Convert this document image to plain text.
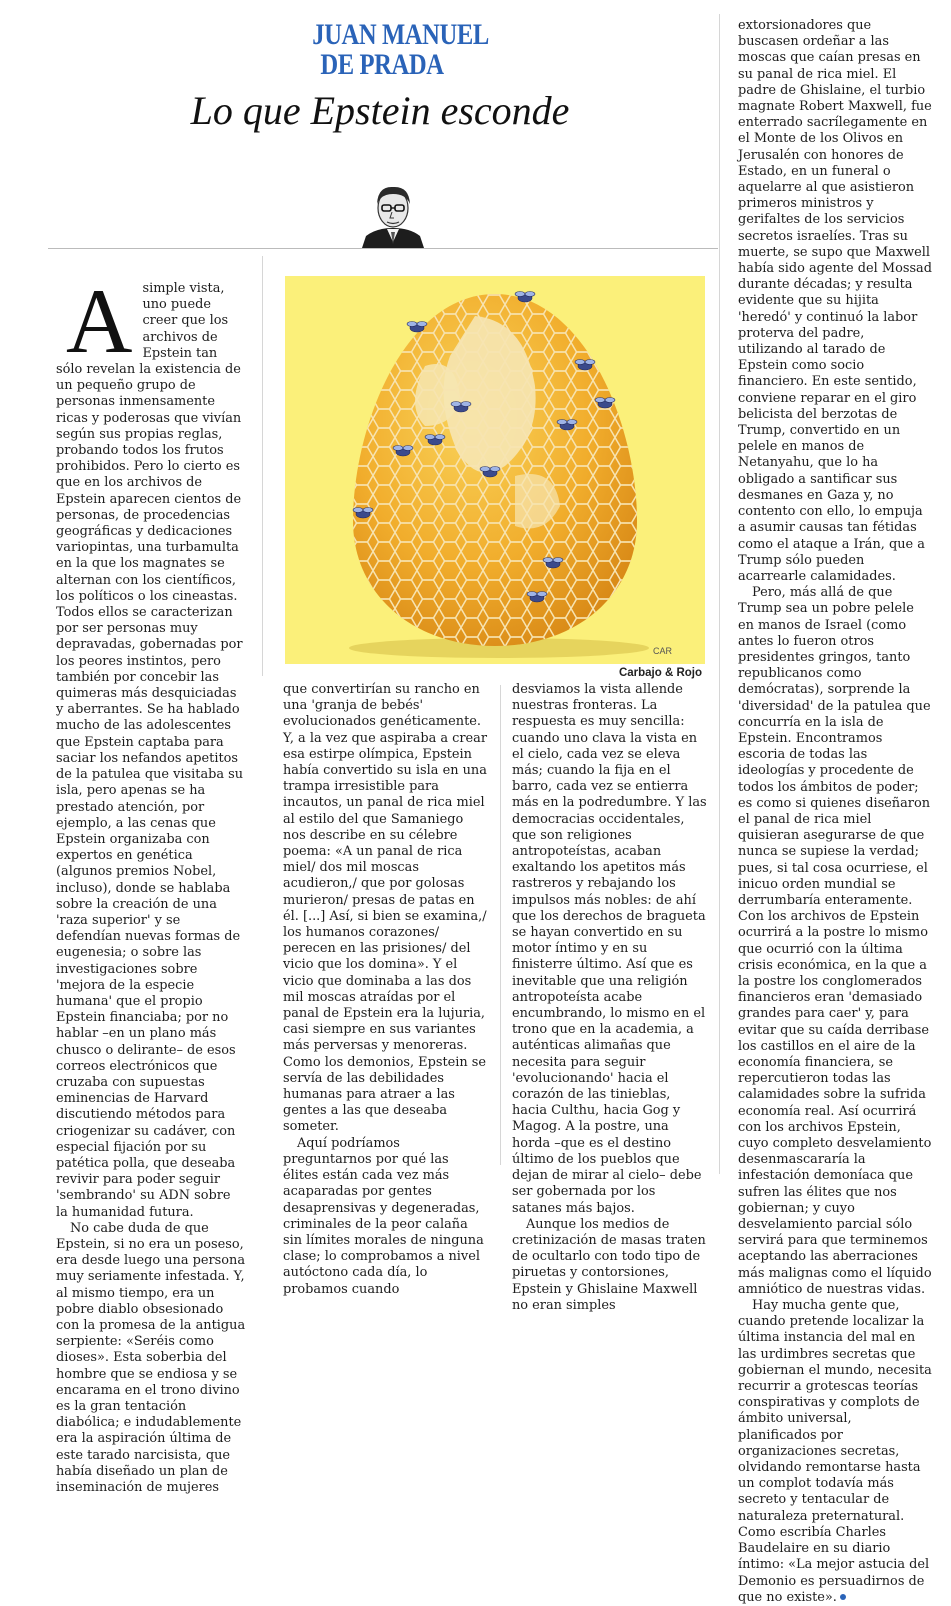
JUAN MANUEL
DE PRADA
Lo que Epstein esconde
CAR
Carbajo & Rojo

A simple vista, uno puede creer que los archivos de Epstein tan sólo revelan la existencia de un pequeño grupo de personas inmensamente ricas y poderosas que vivían según sus propias reglas, probando todos los frutos prohibidos. Pero lo cierto es que en los archivos de Epstein aparecen cientos de personas, de procedencias geográficas y dedicaciones variopintas, una turbamulta en la que los magnates se alternan con los científicos, los políticos o los cineastas. Todos ellos se caracterizan por ser personas muy depravadas, gobernadas por los peores instintos, pero también por concebir las quimeras más desquiciadas y aberrantes. Se ha hablado mucho de las adolescentes que Epstein captaba para saciar los nefandos apetitos de la patulea que visitaba su isla, pero apenas se ha prestado atención, por ejemplo, a las cenas que Epstein organizaba con expertos en genética (algunos premios Nobel, incluso), donde se hablaba sobre la creación de una 'raza superior' y se defendían nuevas formas de eugenesia; o sobre las investigaciones sobre 'mejora de la especie humana' que el propio Epstein financiaba; por no hablar –en un plano más chusco o delirante– de esos correos electrónicos que cruzaba con supuestas eminencias de Harvard discutiendo métodos para criogenizar su cadáver, con especial fijación por su patética polla, que deseaba revivir para poder seguir 'sembrando' su ADN sobre la humanidad futura.

No cabe duda de que Epstein, si no era un poseso, era desde luego una persona muy seriamente infestada. Y, al mismo tiempo, era un pobre diablo obsesionado con la promesa de la antigua serpiente: «Seréis como dioses». Esta soberbia del hombre que se endiosa y se encarama en el trono divino es la gran tentación diabólica; e indudablemente era la aspiración última de este tarado narcisista, que había diseñado un plan de inseminación de mujeres

que convertirían su rancho en una 'granja de bebés' evolucionados genéticamente. Y, a la vez que aspiraba a crear esa estirpe olímpica, Epstein había convertido su isla en una trampa irresistible para incautos, un panal de rica miel al estilo del que Samaniego nos describe en su célebre poema: «A un panal de rica miel/ dos mil moscas acudieron,/ que por golosas murieron/ presas de patas en él. [...] Así, si bien se examina,/ los humanos corazones/ perecen en las prisiones/ del vicio que los domina». Y el vicio que dominaba a las dos mil moscas atraídas por el panal de Epstein era la lujuria, casi siempre en sus variantes más perversas y menoreras. Como los demonios, Epstein se servía de las debilidades humanas para atraer a las gentes a las que deseaba someter.

Aquí podríamos preguntarnos por qué las élites están cada vez más acaparadas por gentes desaprensivas y degeneradas, criminales de la peor calaña sin límites morales de ninguna clase; lo comprobamos a nivel autóctono cada día, lo probamos cuando

desviamos la vista allende nuestras fronteras. La respuesta es muy sencilla: cuando uno clava la vista en el cielo, cada vez se eleva más; cuando la fija en el barro, cada vez se entierra más en la podredumbre. Y las democracias occidentales, que son religiones antropoteístas, acaban exaltando los apetitos más rastreros y rebajando los impulsos más nobles: de ahí que los derechos de bragueta se hayan convertido en su motor íntimo y en su finisterre último. Así que es inevitable que una religión antropoteísta acabe encumbrando, lo mismo en el trono que en la academia, a auténticas alimañas que necesita para seguir 'evolucionando' hacia el corazón de las tinieblas, hacia Culthu, hacia Gog y Magog. A la postre, una horda –que es el destino último de los pueblos que dejan de mirar al cielo– debe ser gobernada por los satanes más bajos.

Aunque los medios de cretinización de masas traten de ocultarlo con todo tipo de piruetas y contorsiones, Epstein y Ghislaine Maxwell no eran simples

extorsionadores que buscasen ordeñar a las moscas que caían presas en su panal de rica miel. El padre de Ghislaine, el turbio magnate Robert Maxwell, fue enterrado sacrílegamente en el Monte de los Olivos en Jerusalén con honores de Estado, en un funeral o aquelarre al que asistieron primeros ministros y gerifaltes de los servicios secretos israelíes. Tras su muerte, se supo que Maxwell había sido agente del Mossad durante décadas; y resulta evidente que su hijita 'heredó' y continuó la labor proterva del padre, utilizando al tarado de Epstein como socio financiero. En este sentido, conviene reparar en el giro belicista del berzotas de Trump, convertido en un pelele en manos de Netanyahu, que lo ha obligado a santificar sus desmanes en Gaza y, no contento con ello, lo empuja a asumir causas tan fétidas como el ataque a Irán, que a Trump sólo pueden acarrearle calamidades.

Pero, más allá de que Trump sea un pobre pelele en manos de Israel (como antes lo fueron otros presidentes gringos, tanto republicanos como demócratas), sorprende la 'diversidad' de la patulea que concurría en la isla de Epstein. Encontramos escoria de todas las ideologías y procedente de todos los ámbitos de poder; es como si quienes diseñaron el panal de rica miel quisieran asegurarse de que nunca se supiese la verdad; pues, si tal cosa ocurriese, el inicuo orden mundial se derrumbaría enteramente. Con los archivos de Epstein ocurrirá a la postre lo mismo que ocurrió con la última crisis económica, en la que a la postre los conglomerados financieros eran 'demasiado grandes para caer' y, para evitar que su caída derribase los castillos en el aire de la economía financiera, se repercutieron todas las calamidades sobre la sufrida economía real. Así ocurrirá con los archivos Epstein, cuyo completo desvelamiento desenmascararía la infestación demoníaca que sufren las élites que nos gobiernan; y cuyo desvelamiento parcial sólo servirá para que terminemos aceptando las aberraciones más malignas como el líquido amniótico de nuestras vidas.

Hay mucha gente que, cuando pretende localizar la última instancia del mal en las urdimbres secretas que gobiernan el mundo, necesita recurrir a grotescas teorías conspirativas y complots de ámbito universal, planificados por organizaciones secretas, olvidando remontarse hasta un complot todavía más secreto y tentacular de naturaleza preternatural. Como escribía Charles Baudelaire en su diario íntimo: «La mejor astucia del Demonio es persuadirnos de que no existe».
